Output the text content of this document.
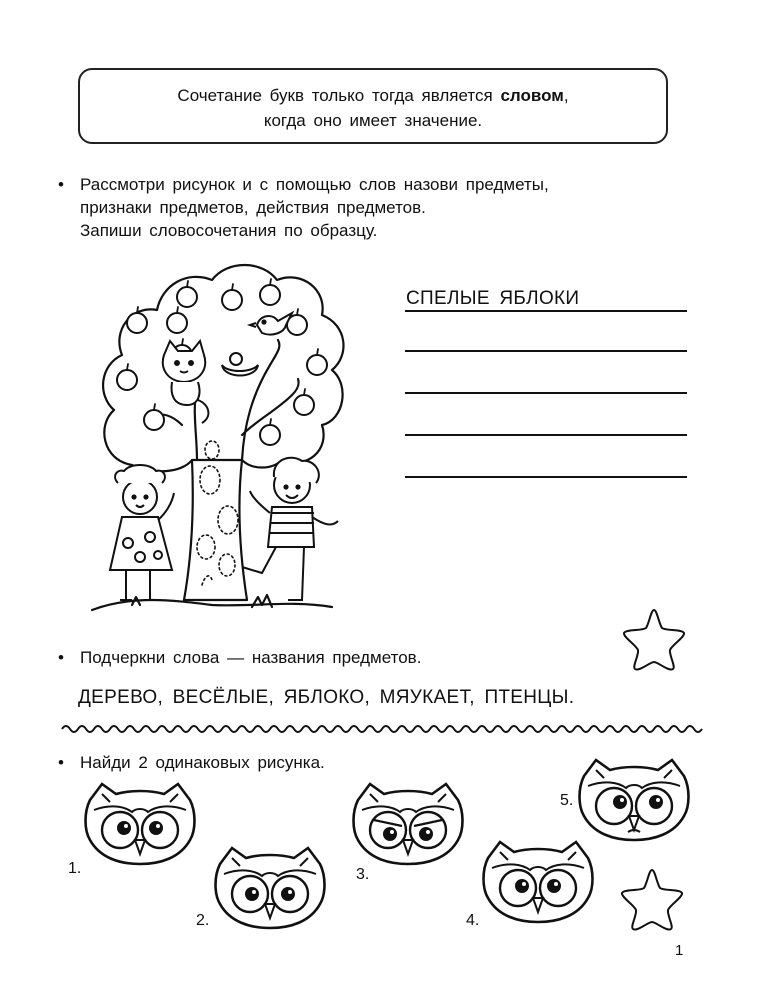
Сочетание букв только тогда является словом,
когда оно имеет значение.
• Рассмотри рисунок и с помощью слов назови предметы,
признаки предметов, действия предметов.
Запиши словосочетания по образцу.
СПЕЛЫЕ ЯБЛОКИ
• Подчеркни слова — названия предметов.
ДЕРЕВО, ВЕСЁЛЫЕ, ЯБЛОКО, МЯУКАЕТ, ПТЕНЦЫ.
• Найди 2 одинаковых рисунка.
1.
2.
3.
4.
5.
1
